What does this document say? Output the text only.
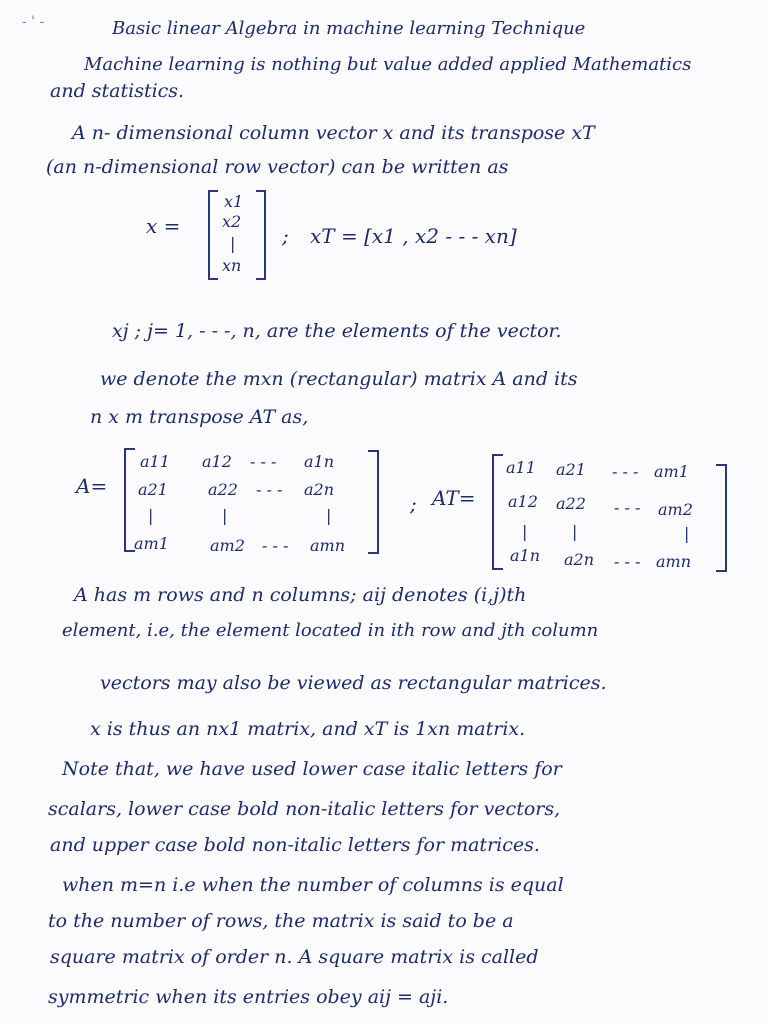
- ' -	Basic linear Algebra in machine learning Technique

Machine learning is nothing but value added applied Mathematics

and statistics.

A n- dimensional column vector x and its transpose xT

(an n-dimensional row vector) can be written as

x =
x1
x2
|
xn
; xT = [x1 , x2 - - - xn]

xj ; j= 1, - - -, n, are the elements of the vector.

we denote the mxn (rectangular) matrix A and its

n x m transpose AT as,

A=
a11 a12 - - - a1n
a21	a22 - - - a2n
|	|	|
am1	am2 - - - amn
; AT=
a11 a21 - - - am1
a12 a22 - - - am2
|	|	|
a1n a2n - - - amn

A has m rows and n columns; aij denotes (i,j)th

element, i.e, the element located in ith row and jth column

vectors may also be viewed as rectangular matrices.

x is thus an nx1 matrix, and xT is 1xn matrix.

Note that, we have used lower case italic letters for

scalars, lower case bold non-italic letters for vectors,

and upper case bold non-italic letters for matrices.

when m=n i.e when the number of columns is equal

to the number of rows, the matrix is said to be a

square matrix of order n. A square matrix is called

symmetric when its entries obey aij = aji.
